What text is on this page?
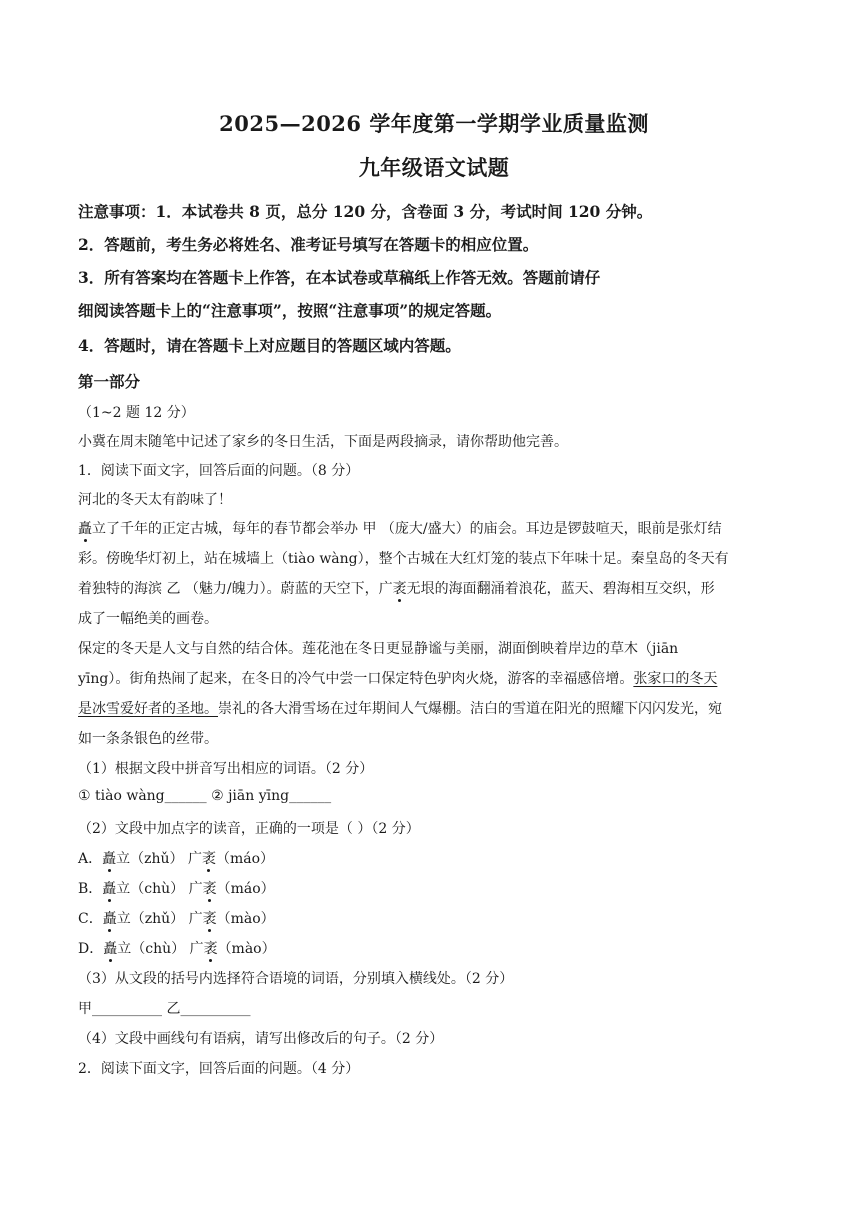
2025—2026 学年度第一学期学业质量监测
九年级语文试题
注意事项：1．本试卷共 8 页，总分 120 分，含卷面 3 分，考试时间 120 分钟。
2．答题前，考生务必将姓名、准考证号填写在答题卡的相应位置。
3．所有答案均在答题卡上作答，在本试卷或草稿纸上作答无效。答题前请仔
细阅读答题卡上的“注意事项”，按照“注意事项”的规定答题。
4．答题时，请在答题卡上对应题目的答题区域内答题。
第一部分
（1~2 题 12 分）
小冀在周末随笔中记述了家乡的冬日生活，下面是两段摘录，请你帮助他完善。
1．阅读下面文字，回答后面的问题。（8 分）
河北的冬天太有韵味了！
矗立了千年的正定古城，每年的春节都会举办 甲 （庞大/盛大）的庙会。耳边是锣鼓喧天，眼前是张灯结
彩。傍晚华灯初上，站在城墙上（tiào wàng），整个古城在大红灯笼的装点下年味十足。秦皇岛的冬天有
着独特的海滨 乙 （魅力/魄力）。蔚蓝的天空下，广袤无垠的海面翻涌着浪花，蓝天、碧海相互交织，形
成了一幅绝美的画卷。
保定的冬天是人文与自然的结合体。莲花池在冬日更显静谧与美丽，湖面倒映着岸边的草木（jiān
yīng）。街角热闹了起来，在冬日的冷气中尝一口保定特色驴肉火烧，游客的幸福感倍增。张家口的冬天
是冰雪爱好者的圣地。崇礼的各大滑雪场在过年期间人气爆棚。洁白的雪道在阳光的照耀下闪闪发光，宛
如一条条银色的丝带。
（1）根据文段中拼音写出相应的词语。（2 分）
① tiào wàng______ ② jiān yīng______
（2）文段中加点字的读音，正确的一项是（ ）（2 分）
A．矗立（zhǔ） 广袤（máo）
B．矗立（chù） 广袤（máo）
C．矗立（zhǔ） 广袤（mào）
D．矗立（chù） 广袤（mào）
（3）从文段的括号内选择符合语境的词语，分别填入横线处。（2 分）
甲__________ 乙__________
（4）文段中画线句有语病，请写出修改后的句子。（2 分）
2．阅读下面文字，回答后面的问题。（4 分）
